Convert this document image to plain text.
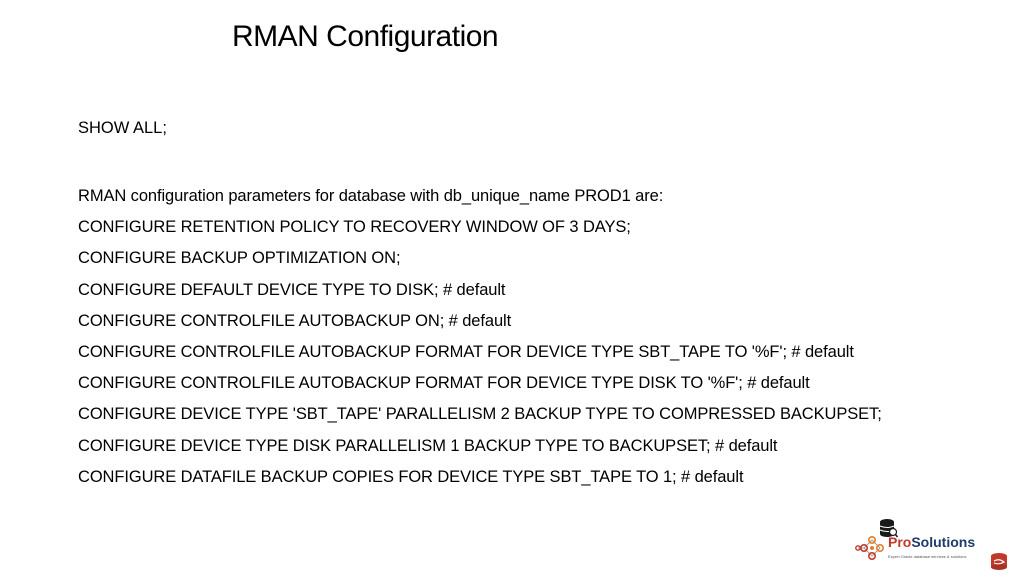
RMAN Configuration
SHOW ALL;
RMAN configuration parameters for database with db_unique_name PROD1 are:
CONFIGURE RETENTION POLICY TO RECOVERY WINDOW OF 3 DAYS;
CONFIGURE BACKUP OPTIMIZATION ON;
CONFIGURE DEFAULT DEVICE TYPE TO DISK; # default
CONFIGURE CONTROLFILE AUTOBACKUP ON; # default
CONFIGURE CONTROLFILE AUTOBACKUP FORMAT FOR DEVICE TYPE SBT_TAPE TO '%F'; # default
CONFIGURE CONTROLFILE AUTOBACKUP FORMAT FOR DEVICE TYPE DISK TO '%F'; # default
CONFIGURE DEVICE TYPE 'SBT_TAPE' PARALLELISM 2 BACKUP TYPE TO COMPRESSED BACKUPSET;
CONFIGURE DEVICE TYPE DISK PARALLELISM 1 BACKUP TYPE TO BACKUPSET; # default
CONFIGURE DATAFILE BACKUP COPIES FOR DEVICE TYPE SBT_TAPE TO 1; # default
ProSolutions
Expert Oracle database services & solutions
